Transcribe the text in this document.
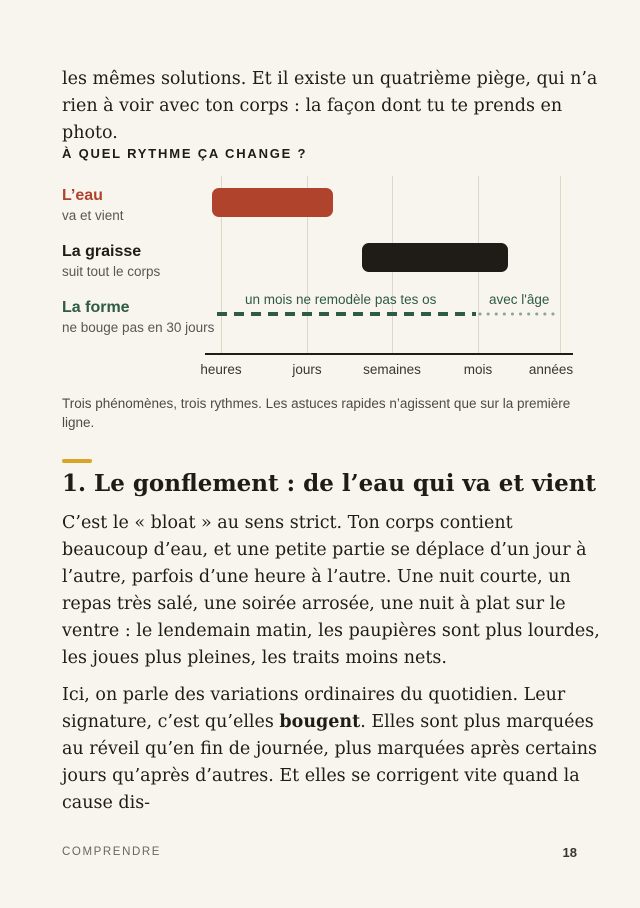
les mêmes solutions. Et il existe un quatrième piège, qui n’a

rien à voir avec ton corps : la façon dont tu te prends en photo.

À QUEL RYTHME ÇA CHANGE ?
L’eau
va et vient
La graisse
suit tout le corps
La forme
ne bouge pas en 30 jours
un mois ne remodèle pas tes os	avec l'âge
heures	jours	semaines	mois	années
Trois phénomènes, trois rythmes. Les astuces rapides n’agissent que sur la première ligne.
1. Le gonflement : de l’eau qui va et vient

C’est le « bloat » au sens strict. Ton corps contient beaucoup d’eau, et une petite partie se déplace d’un jour à l’autre, parfois d’une heure à l’autre. Une nuit courte, un repas très salé, une soirée arrosée, une nuit à plat sur le ventre : le lendemain matin, les paupières sont plus lourdes, les joues plus pleines, les traits moins nets.

Ici, on parle des variations ordinaires du quotidien. Leur signature, c’est qu’elles bougent. Elles sont plus marquées au réveil qu’en fin de journée, plus marquées après certains jours qu’après d’autres. Et elles se corrigent vite quand la cause dis-

COMPRENDRE	18
